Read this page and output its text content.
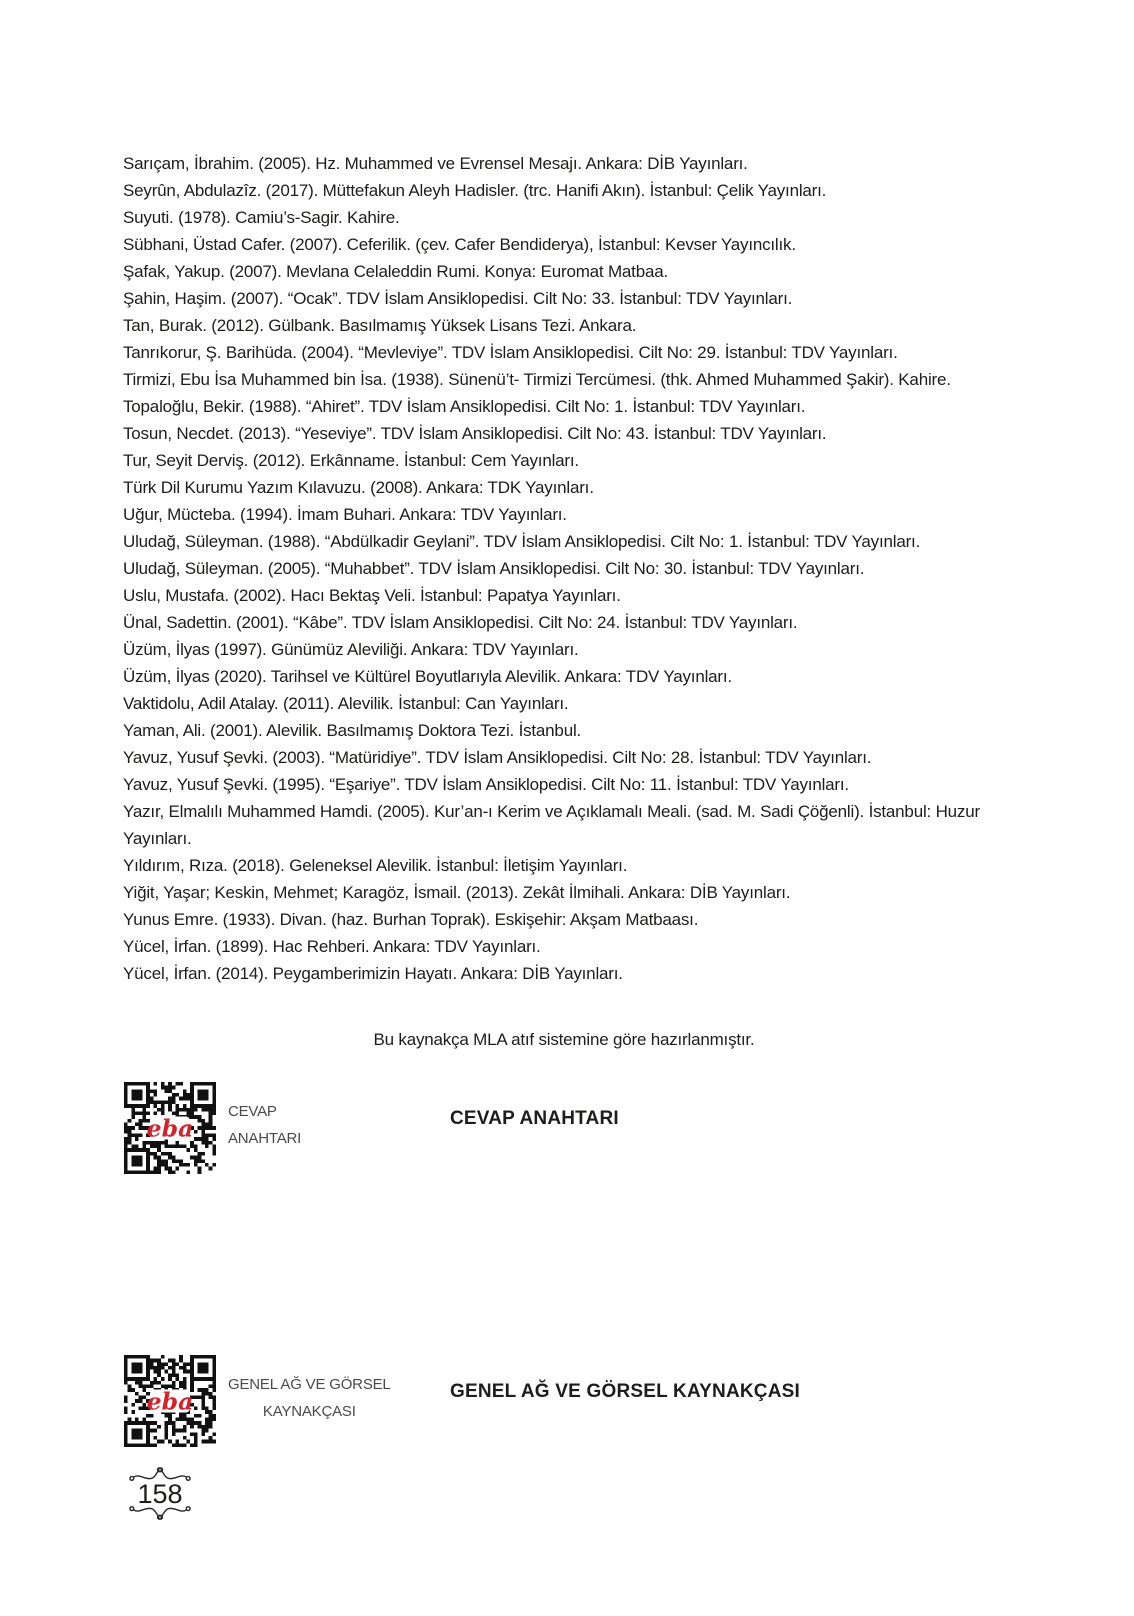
Sarıçam, İbrahim. (2005). Hz. Muhammed ve Evrensel Mesajı. Ankara: DİB Yayınları.

Seyrûn, Abdulazîz. (2017). Müttefakun Aleyh Hadisler. (trc. Hanifi Akın). İstanbul: Çelik Yayınları.

Suyuti. (1978). Camiu’s-Sagir. Kahire.

Sübhani, Üstad Cafer. (2007). Ceferilik. (çev. Cafer Bendiderya), İstanbul: Kevser Yayıncılık.

Şafak, Yakup. (2007). Mevlana Celaleddin Rumi. Konya: Euromat Matbaa.

Şahin, Haşim. (2007). “Ocak”. TDV İslam Ansiklopedisi. Cilt No: 33. İstanbul: TDV Yayınları.

Tan, Burak. (2012). Gülbank. Basılmamış Yüksek Lisans Tezi. Ankara.

Tanrıkorur, Ş. Barihüda. (2004). “Mevleviye”. TDV İslam Ansiklopedisi. Cilt No: 29. İstanbul: TDV Yayınları.

Tirmizi, Ebu İsa Muhammed bin İsa. (1938). Sünenü’t- Tirmizi Tercümesi. (thk. Ahmed Muhammed Şakir). Kahire.

Topaloğlu, Bekir. (1988). “Ahiret”. TDV İslam Ansiklopedisi. Cilt No: 1. İstanbul: TDV Yayınları.

Tosun, Necdet. (2013). “Yeseviye”. TDV İslam Ansiklopedisi. Cilt No: 43. İstanbul: TDV Yayınları.

Tur, Seyit Derviş. (2012). Erkânname. İstanbul: Cem Yayınları.

Türk Dil Kurumu Yazım Kılavuzu. (2008). Ankara: TDK Yayınları.

Uğur, Mücteba. (1994). İmam Buhari. Ankara: TDV Yayınları.

Uludağ, Süleyman. (1988). “Abdülkadir Geylani”. TDV İslam Ansiklopedisi. Cilt No: 1. İstanbul: TDV Yayınları.

Uludağ, Süleyman. (2005). “Muhabbet”. TDV İslam Ansiklopedisi. Cilt No: 30. İstanbul: TDV Yayınları.

Uslu, Mustafa. (2002). Hacı Bektaş Veli. İstanbul: Papatya Yayınları.

Ünal, Sadettin. (2001). “Kâbe”. TDV İslam Ansiklopedisi. Cilt No: 24. İstanbul: TDV Yayınları.

Üzüm, İlyas (1997). Günümüz Aleviliği. Ankara: TDV Yayınları.

Üzüm, İlyas (2020). Tarihsel ve Kültürel Boyutlarıyla Alevilik. Ankara: TDV Yayınları.

Vaktidolu, Adil Atalay. (2011). Alevilik. İstanbul: Can Yayınları.

Yaman, Ali. (2001). Alevilik. Basılmamış Doktora Tezi. İstanbul.

Yavuz, Yusuf Şevki. (2003). “Matüridiye”. TDV İslam Ansiklopedisi. Cilt No: 28. İstanbul: TDV Yayınları.

Yavuz, Yusuf Şevki. (1995). “Eşariye”. TDV İslam Ansiklopedisi. Cilt No: 11. İstanbul: TDV Yayınları.

Yazır, Elmalılı Muhammed Hamdi. (2005). Kur’an-ı Kerim ve Açıklamalı Meali. (sad. M. Sadi Çöğenli). İstanbul: Huzur Yayınları.

Yıldırım, Rıza. (2018). Geleneksel Alevilik. İstanbul: İletişim Yayınları.

Yiğit, Yaşar; Keskin, Mehmet; Karagöz, İsmail. (2013). Zekât İlmihali. Ankara: DİB Yayınları.

Yunus Emre. (1933). Divan. (haz. Burhan Toprak). Eskişehir: Akşam Matbaası.

Yücel, İrfan. (1899). Hac Rehberi. Ankara: TDV Yayınları.

Yücel, İrfan. (2014). Peygamberimizin Hayatı. Ankara: DİB Yayınları.

Bu kaynakça MLA atıf sistemine göre hazırlanmıştır.
eba
CEVAP
ANAHTARI
CEVAP ANAHTARI
eba
GENEL AĞ VE GÖRSEL
KAYNAKÇASI
GENEL AĞ VE GÖRSEL KAYNAKÇASI
158
